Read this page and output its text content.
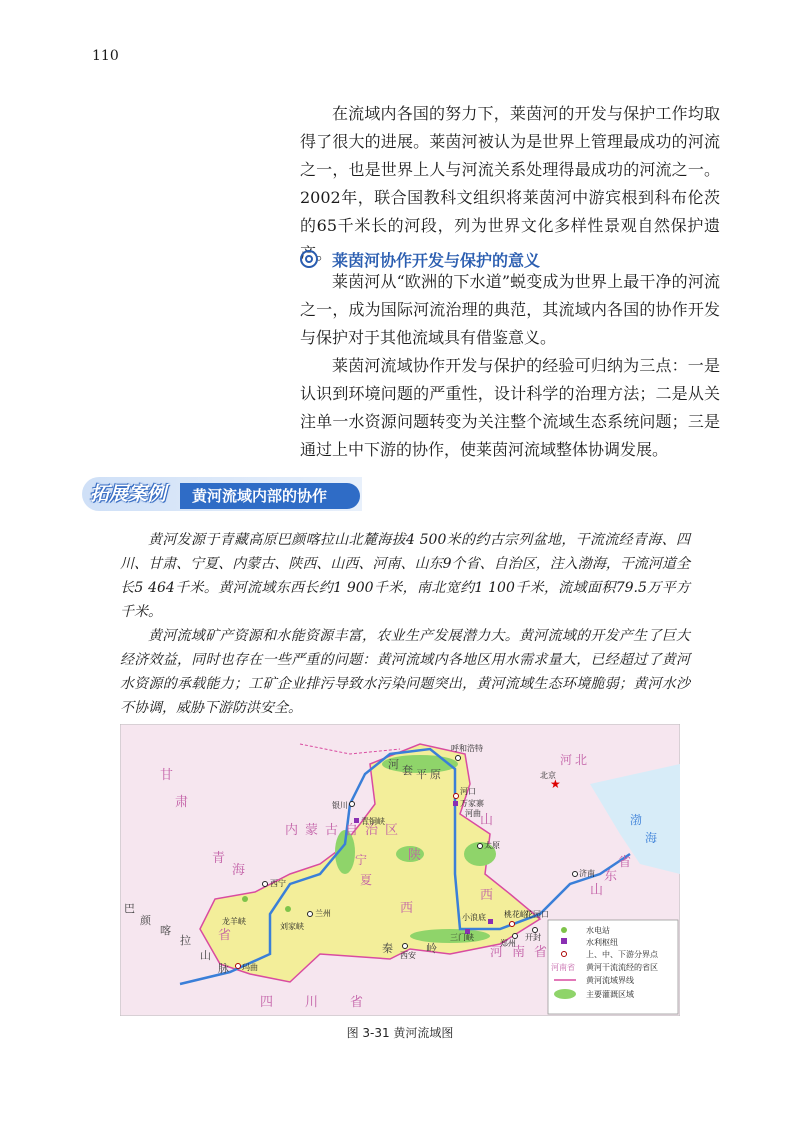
110

在流域内各国的努力下，莱茵河的开发与保护工作均取得了很大的进展。莱茵河被认为是世界上管理最成功的河流之一，也是世界上人与河流关系处理得最成功的河流之一。2002年，联合国教科文组织将莱茵河中游宾根到科布伦茨的65千米长的河段，列为世界文化多样性景观自然保护遗产。 莱茵河协作开发与保护的意义

莱茵河从“欧洲的下水道”蜕变成为世界上最干净的河流之一，成为国际河流治理的典范，其流域内各国的协作开发与保护对于其他流域具有借鉴意义。

莱茵河流域协作开发与保护的经验可归纳为三点：一是认识到环境问题的严重性，设计科学的治理方法；二是从关注单一水资源问题转变为关注整个流域生态系统问题；三是通过上中下游的协作，使莱茵河流域整体协调发展。

拓展案例	黄河流域内部的协作

黄河发源于青藏高原巴颜喀拉山北麓海拔4 500米的约古宗列盆地，干流流经青海、四川、甘肃、宁夏、内蒙古、陕西、山西、河南、山东9个省、自治区，注入渤海，干流河道全长5 464千米。黄河流域东西长约1 900千米，南北宽约1 100千米，流域面积79.5万平方千米。

黄河流域矿产资源和水能资源丰富，农业生产发展潜力大。黄河流域的开发产生了巨大经济效益，同时也存在一些严重的问题：黄河流域内各地区用水需求量大，已经超过了黄河水资源的承载能力；工矿企业排污导致水污染问题突出，黄河流域生态环境脆弱；黄河水沙不协调，威胁下游防洪安全。

甘
肃
内 蒙 古 自 治 区
青
海
省
宁
夏
陕
西
山
西
河 南 省
山
东
省
四 川 省
河 北
渤
海
河 套 平 原
巴
颜
喀
拉
山
脉
秦	岭
呼和浩特
河口
万家寨
银川
青铜峡
太原
西宁
兰州
龙羊峡
刘家峡
玛曲
小浪底
三门峡
桃花峪
郑州
花园口
开封
济南
西安
★
北京
河曲
水电站
水利枢纽
上、中、下游分界点
河南省 黄河干流流经的省区
黄河流域界线
主要灌溉区域
图 3-31 黄河流域图
